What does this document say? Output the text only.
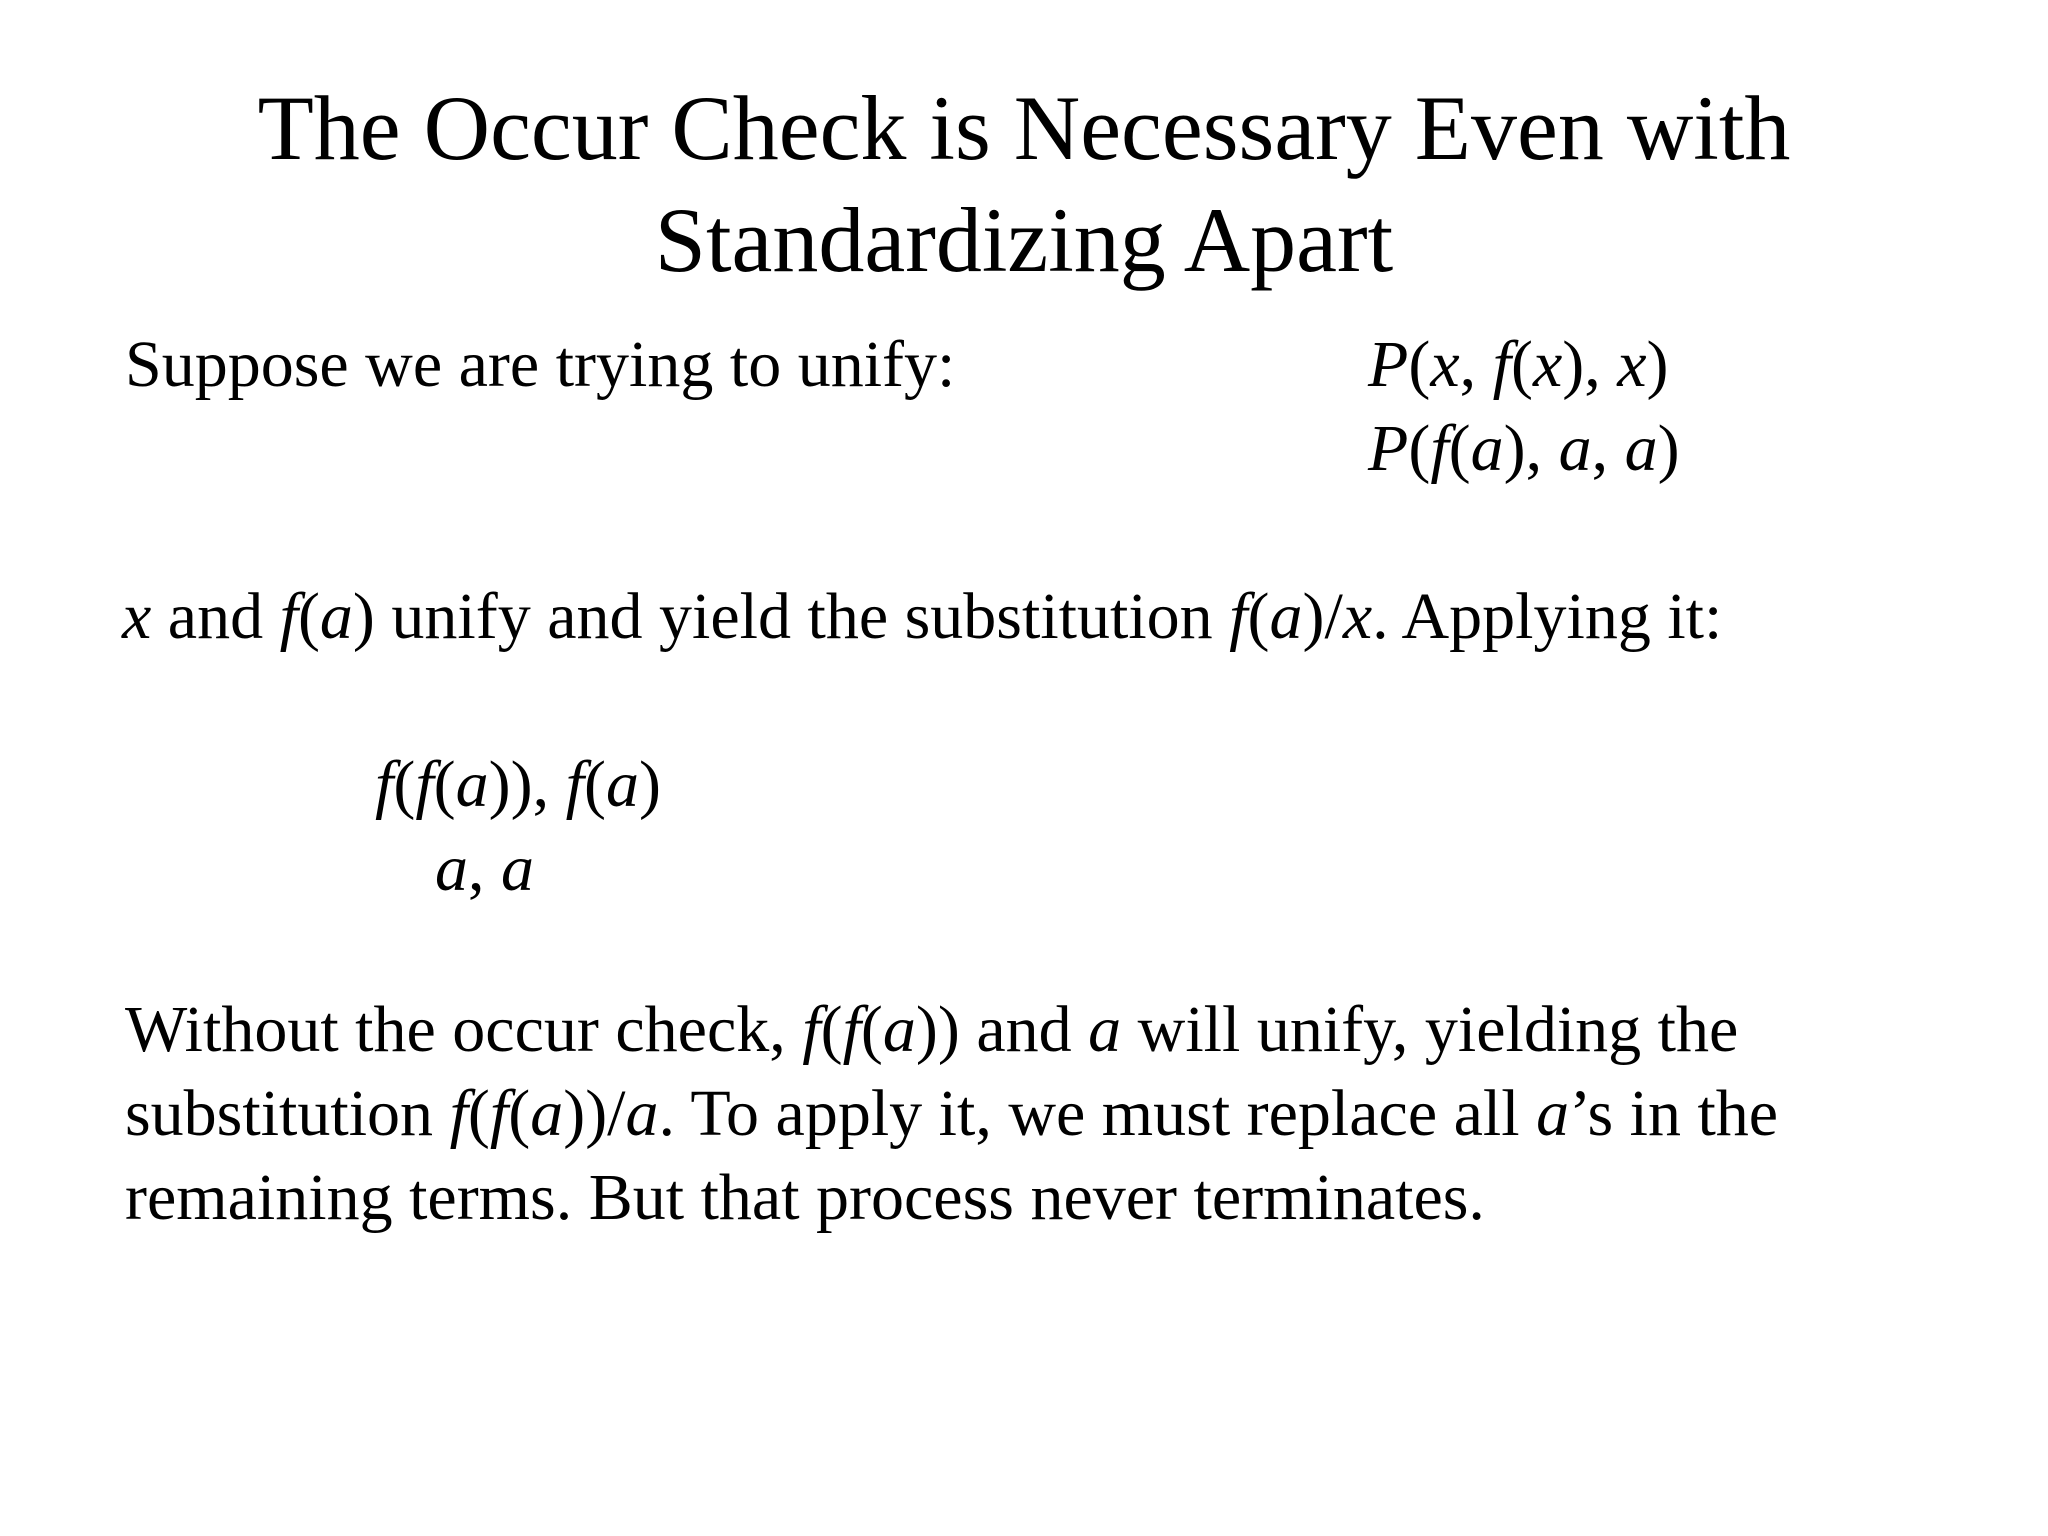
The Occur Check is Necessary Even with
Standardizing Apart
Suppose we are trying to unify:	P(x, f(x), x)
P(f(a), a, a)
x and f(a) unify and yield the substitution f(a)/x. Applying it:
f(f(a)), f(a)
a, a
Without the occur check, f(f(a)) and a will unify, yielding the
substitution f(f(a))/a. To apply it, we must replace all a’s in the
remaining terms. But that process never terminates.
